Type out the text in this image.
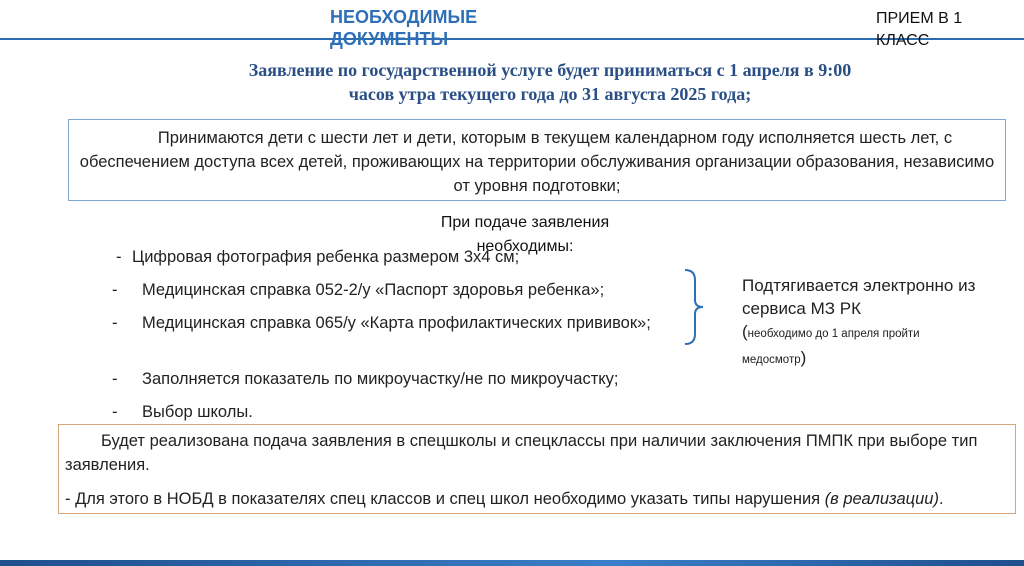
НЕОБХОДИМЫЕ
ДОКУМЕНТЫ
ПРИЕМ В 1 КЛАСС
Заявление по государственной услуге будет приниматься с 1 апреля в 9:00
часов утра текущего года до 31 августа 2025 года;

Принимаются дети с шести лет и дети, которым в текущем календарном году исполняется шесть лет, с обеспечением доступа всех детей, проживающих на территории обслуживания организации образования, независимо от уровня подготовки;

При подаче заявления необходимы:
- Цифровая фотография ребенка размером 3х4 см;
- Медицинская справка 052-2/у «Паспорт здоровья ребенка»;
- Медицинская справка 065/у «Карта профилактических прививок»;
- Заполняется показатель по микроучастку/не по микроучастку;
- Выбор школы.
Подтягивается электронно из сервиса МЗ РК
(необходимо до 1 апреля пройти медосмотр)
Будет реализована подача заявления в спецшколы и спецклассы при наличии заключения ПМПК при выборе тип заявления.
- Для этого в НОБД в показателях спец классов и спец школ необходимо указать типы нарушения (в реализации).
